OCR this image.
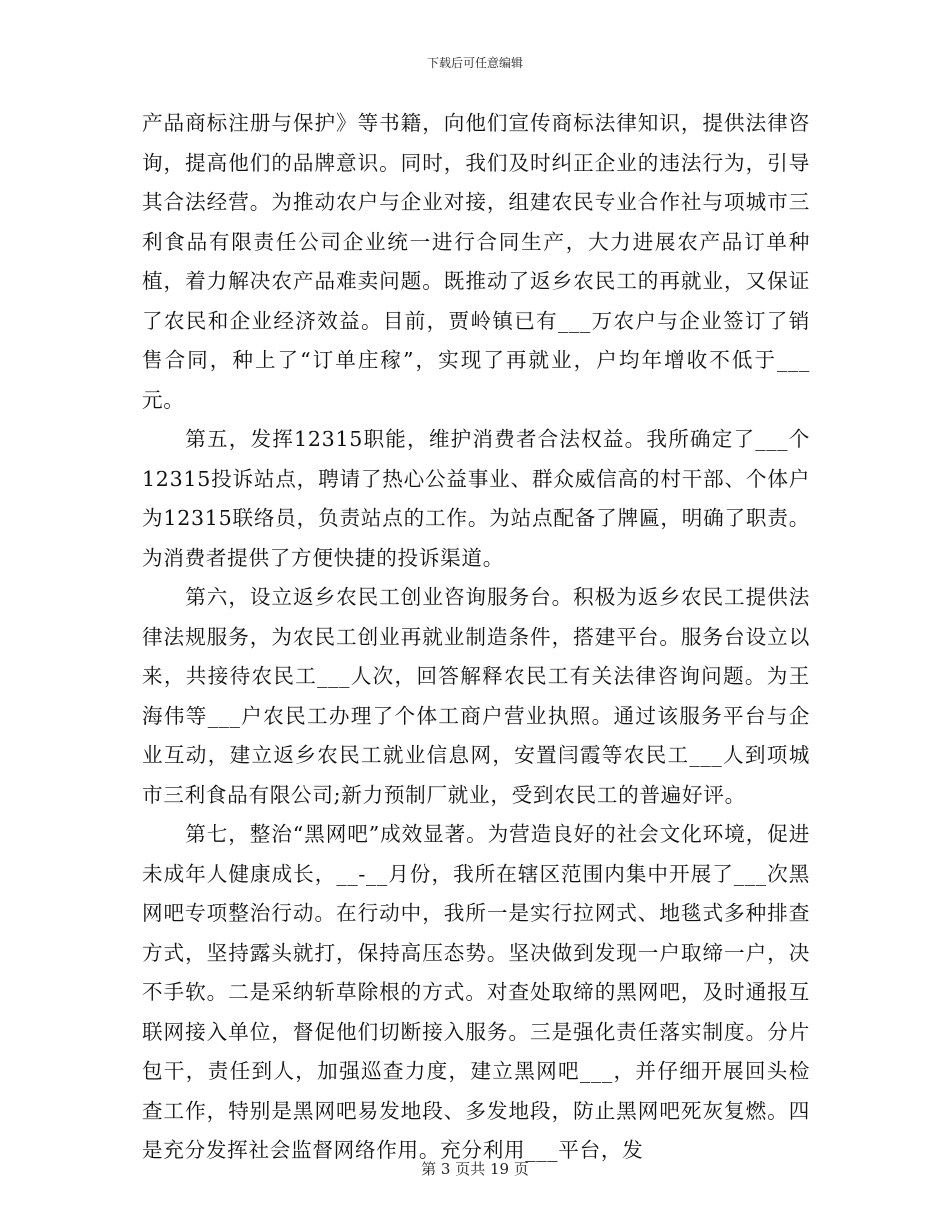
下载后可任意编辑

产品商标注册与保护》等书籍，向他们宣传商标法律知识，提供法律咨询，提高他们的品牌意识。同时，我们及时纠正企业的违法行为，引导其合法经营。为推动农户与企业对接，组建农民专业合作社与项城市三利食品有限责任公司企业统一进行合同生产，大力进展农产品订单种植，着力解决农产品难卖问题。既推动了返乡农民工的再就业，又保证了农民和企业经济效益。目前，贾岭镇已有___万农户与企业签订了销售合同，种上了“订单庄稼”，实现了再就业，户均年增收不低于___元。

第五，发挥12315职能，维护消费者合法权益。我所确定了___个12315投诉站点，聘请了热心公益事业、群众威信高的村干部、个体户为12315联络员，负责站点的工作。为站点配备了牌匾，明确了职责。为消费者提供了方便快捷的投诉渠道。

第六，设立返乡农民工创业咨询服务台。积极为返乡农民工提供法律法规服务，为农民工创业再就业制造条件，搭建平台。服务台设立以来，共接待农民工___人次，回答解释农民工有关法律咨询问题。为王海伟等___户农民工办理了个体工商户营业执照。通过该服务平台与企业互动，建立返乡农民工就业信息网，安置闫霞等农民工___人到项城市三利食品有限公司;新力预制厂就业，受到农民工的普遍好评。

第七，整治“黑网吧”成效显著。为营造良好的社会文化环境，促进未成年人健康成长，__-__月份，我所在辖区范围内集中开展了___次黑网吧专项整治行动。在行动中，我所一是实行拉网式、地毯式多种排查方式，坚持露头就打，保持高压态势。坚决做到发现一户取缔一户，决不手软。二是采纳斩草除根的方式。对查处取缔的黑网吧，及时通报互联网接入单位，督促他们切断接入服务。三是强化责任落实制度。分片包干，责任到人，加强巡查力度，建立黑网吧___，并仔细开展回头检查工作，特别是黑网吧易发地段、多发地段，防止黑网吧死灰复燃。四是充分发挥社会监督网络作用。充分利用___平台，发

第 3 页共 19 页
